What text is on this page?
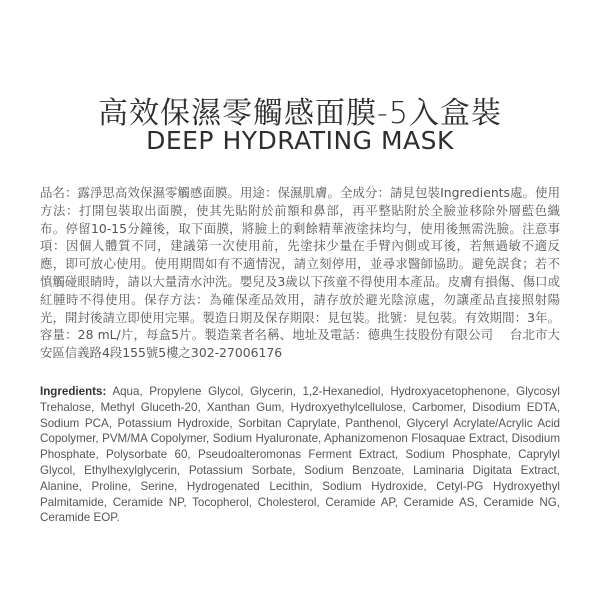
高效保濕零觸感面膜-5入盒裝
DEEP HYDRATING MASK
品名：露淨思高效保濕零觸感面膜。用途：保濕肌膚。全成分：請見包裝Ingredients處。使用方法：打開包裝取出面膜，使其先貼附於前額和鼻部，再平整貼附於全臉並移除外層藍色織布。停留10-15分鐘後，取下面膜，將臉上的剩餘精華液塗抹均勻，使用後無需洗臉。注意事項：因個人體質不同，建議第一次使用前，先塗抹少量在手臂內側或耳後，若無過敏不適反應，即可放心使用。使用期間如有不適情況，請立刻停用，並尋求醫師協助。避免誤食；若不慎觸碰眼睛時，請以大量清水沖洗。嬰兒及3歲以下孩童不得使用本產品。皮膚有損傷、傷口或紅腫時不得使用。保存方法：為確保產品效用，請存放於避光陰涼處，勿讓產品直接照射陽光，開封後請立即使用完畢。製造日期及保存期限：見包裝。批號：見包裝。有效期間：3年。容量：28 mL/片，每盒5片。製造業者名稱、地址及電話：德典生技股份有限公司　 台北市大安區信義路4段155號5樓之302-27006176
Ingredients: Aqua, Propylene Glycol, Glycerin, 1,2-Hexanediol, Hydroxyacetophenone, Glycosyl Trehalose, Methyl Gluceth-20, Xanthan Gum, Hydroxyethylcellulose, Carbomer, Disodium EDTA, Sodium PCA, Potassium Hydroxide, Sorbitan Caprylate, Panthenol, Glyceryl Acrylate/Acrylic Acid Copolymer, PVM/MA Copolymer, Sodium Hyaluronate, Aphanizomenon Flosaquae Extract, Disodium Phosphate, Polysorbate 60, Pseudoalteromonas Ferment Extract, Sodium Phosphate, Caprylyl Glycol, Ethylhexylglycerin, Potassium Sorbate, Sodium Benzoate, Laminaria Digitata Extract, Alanine, Proline, Serine, Hydrogenated Lecithin, Sodium Hydroxide, Cetyl-PG Hydroxyethyl Palmitamide, Ceramide NP, Tocopherol, Cholesterol, Ceramide AP, Ceramide AS, Ceramide NG, Ceramide EOP.
